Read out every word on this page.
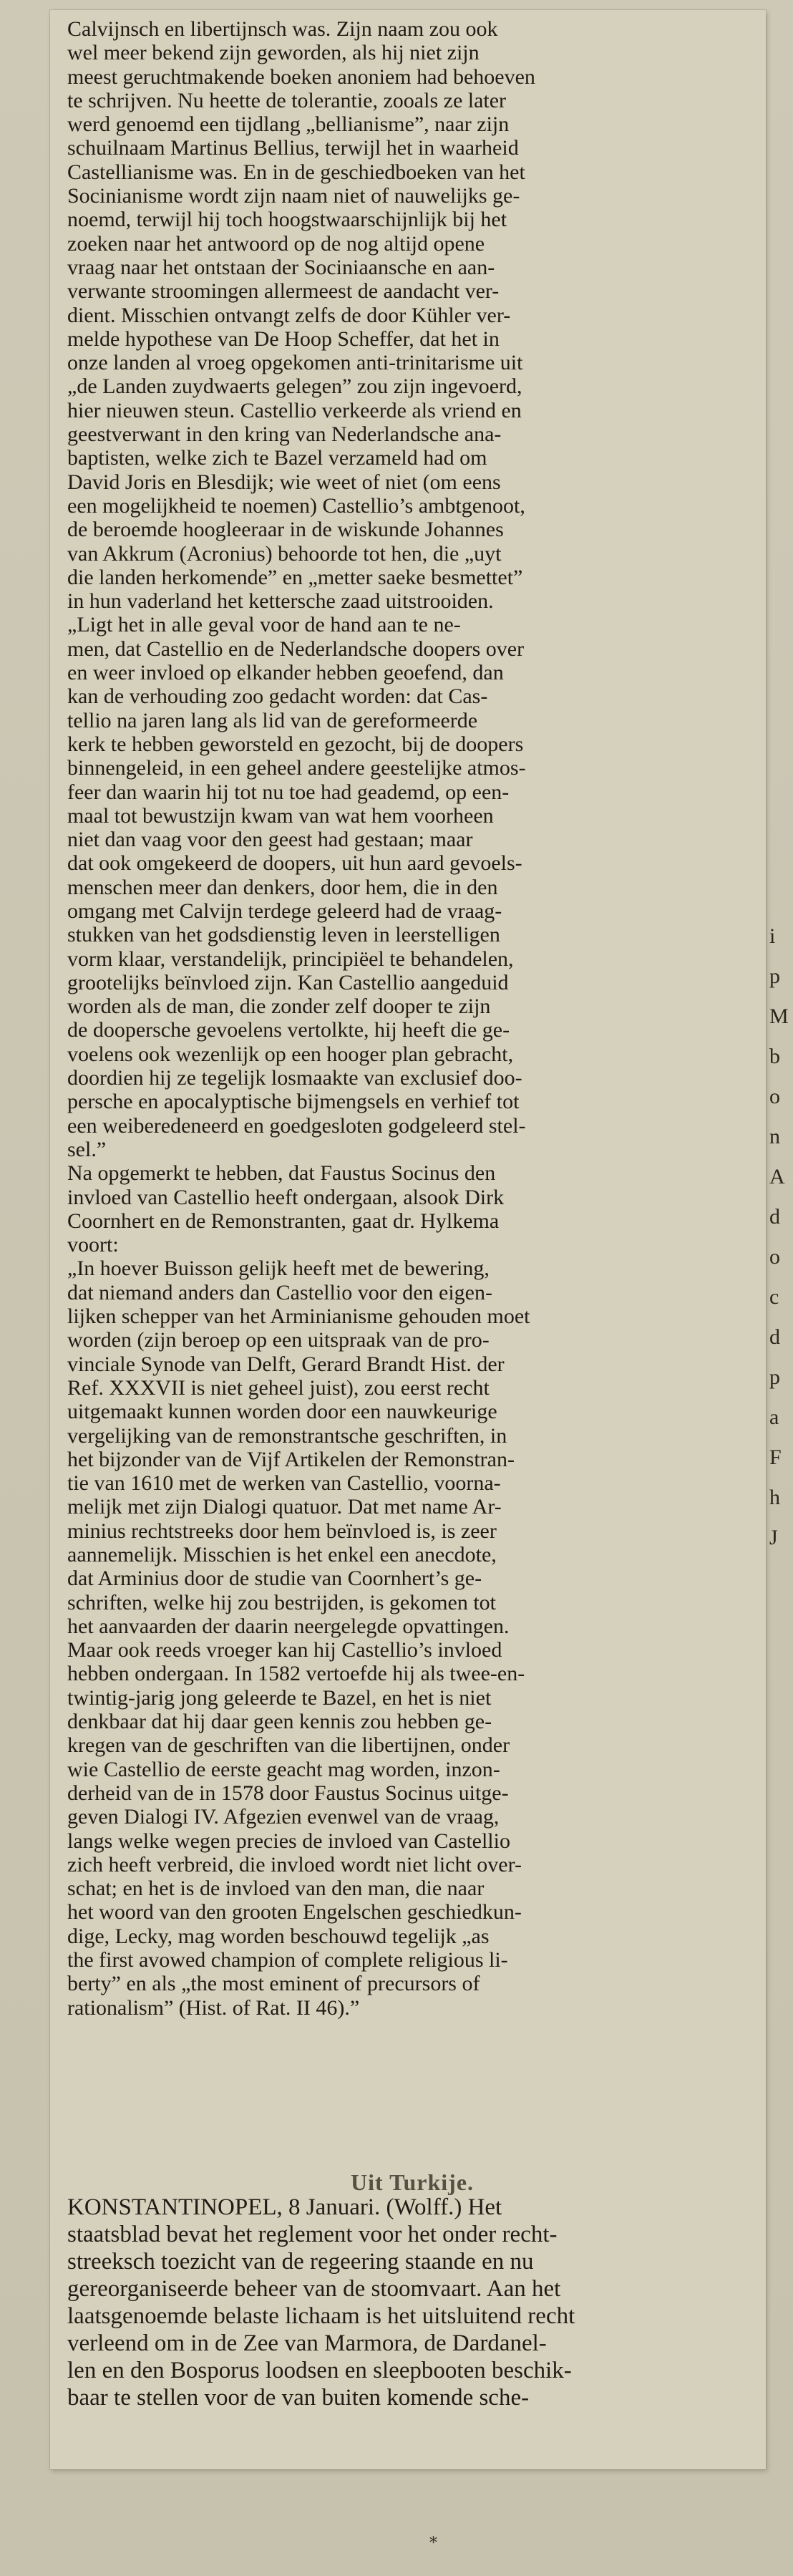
Calvijnsch en libertijnsch was. Zijn naam zou ook
wel meer bekend zijn geworden, als hij niet zijn
meest geruchtmakende boeken anoniem had behoeven
te schrijven. Nu heette de tolerantie, zooals ze later
werd genoemd een tijdlang „bellianisme”, naar zijn
schuilnaam Martinus Bellius, terwijl het in waarheid
Castellianisme was. En in de geschiedboeken van het
Socinianisme wordt zijn naam niet of nauwelijks ge-
noemd, terwijl hij toch hoogstwaarschijnlijk bij het
zoeken naar het antwoord op de nog altijd opene
vraag naar het ontstaan der Sociniaansche en aan-
verwante stroomingen allermeest de aandacht ver-
dient. Misschien ontvangt zelfs de door Kühler ver-
melde hypothese van De Hoop Scheffer, dat het in
onze landen al vroeg opgekomen anti-trinitarisme uit
„de Landen zuydwaerts gelegen” zou zijn ingevoerd,
hier nieuwen steun. Castellio verkeerde als vriend en
geestverwant in den kring van Nederlandsche ana-
baptisten, welke zich te Bazel verzameld had om
David Joris en Blesdijk; wie weet of niet (om eens
een mogelijkheid te noemen) Castellio’s ambtgenoot,
de beroemde hoogleeraar in de wiskunde Johannes
van Akkrum (Acronius) behoorde tot hen, die „uyt
die landen herkomende” en „metter saeke besmettet”
in hun vaderland het kettersche zaad uitstrooiden.
„Ligt het in alle geval voor de hand aan te ne-
men, dat Castellio en de Nederlandsche doopers over
en weer invloed op elkander hebben geoefend, dan
kan de verhouding zoo gedacht worden: dat Cas-
tellio na jaren lang als lid van de gereformeerde
kerk te hebben geworsteld en gezocht, bij de doopers
binnengeleid, in een geheel andere geestelijke atmos-
feer dan waarin hij tot nu toe had geademd, op een-
maal tot bewustzijn kwam van wat hem voorheen
niet dan vaag voor den geest had gestaan; maar
dat ook omgekeerd de doopers, uit hun aard gevoels-
menschen meer dan denkers, door hem, die in den
omgang met Calvijn terdege geleerd had de vraag-
stukken van het godsdienstig leven in leerstelligen
vorm klaar, verstandelijk, principiëel te behandelen,
grootelijks beïnvloed zijn. Kan Castellio aangeduid
worden als de man, die zonder zelf dooper te zijn
de doopersche gevoelens vertolkte, hij heeft die ge-
voelens ook wezenlijk op een hooger plan gebracht,
doordien hij ze tegelijk losmaakte van exclusief doo-
persche en apocalyptische bijmengsels en verhief tot
een weiberedeneerd en goedgesloten godgeleerd stel-
sel.”
Na opgemerkt te hebben, dat Faustus Socinus den
invloed van Castellio heeft ondergaan, alsook Dirk
Coornhert en de Remonstranten, gaat dr. Hylkema
voort:
„In hoever Buisson gelijk heeft met de bewering,
dat niemand anders dan Castellio voor den eigen-
lijken schepper van het Arminianisme gehouden moet
worden (zijn beroep op een uitspraak van de pro-
vinciale Synode van Delft, Gerard Brandt Hist. der
Ref. XXXVII is niet geheel juist), zou eerst recht
uitgemaakt kunnen worden door een nauwkeurige
vergelijking van de remonstrantsche geschriften, in
het bijzonder van de Vijf Artikelen der Remonstran-
tie van 1610 met de werken van Castellio, voorna-
melijk met zijn Dialogi quatuor. Dat met name Ar-
minius rechtstreeks door hem beïnvloed is, is zeer
aannemelijk. Misschien is het enkel een anecdote,
dat Arminius door de studie van Coornhert’s ge-
schriften, welke hij zou bestrijden, is gekomen tot
het aanvaarden der daarin neergelegde opvattingen.
Maar ook reeds vroeger kan hij Castellio’s invloed
hebben ondergaan. In 1582 vertoefde hij als twee-en-
twintig-jarig jong geleerde te Bazel, en het is niet
denkbaar dat hij daar geen kennis zou hebben ge-
kregen van de geschriften van die libertijnen, onder
wie Castellio de eerste geacht mag worden, inzon-
derheid van de in 1578 door Faustus Socinus uitge-
geven Dialogi IV. Afgezien evenwel van de vraag,
langs welke wegen precies de invloed van Castellio
zich heeft verbreid, die invloed wordt niet licht over-
schat; en het is de invloed van den man, die naar
het woord van den grooten Engelschen geschiedkun-
dige, Lecky, mag worden beschouwd tegelijk „as
the first avowed champion of complete religious li-
berty” en als „the most eminent of precursors of
rationalism” (Hist. of Rat. II 46).”
Uit Turkije.
KONSTANTINOPEL, 8 Januari. (Wolff.) Het
staatsblad bevat het reglement voor het onder recht-
streeksch toezicht van de regeering staande en nu
gereorganiseerde beheer van de stoomvaart. Aan het
laatsgenoemde belaste lichaam is het uitsluitend recht
verleend om in de Zee van Marmora, de Dardanel-
len en den Bosporus loodsen en sleepbooten beschik-
baar te stellen voor de van buiten komende sche-
i
p
M
b
o
n
A
d
o
c
d
p
a
F
h
J
*
